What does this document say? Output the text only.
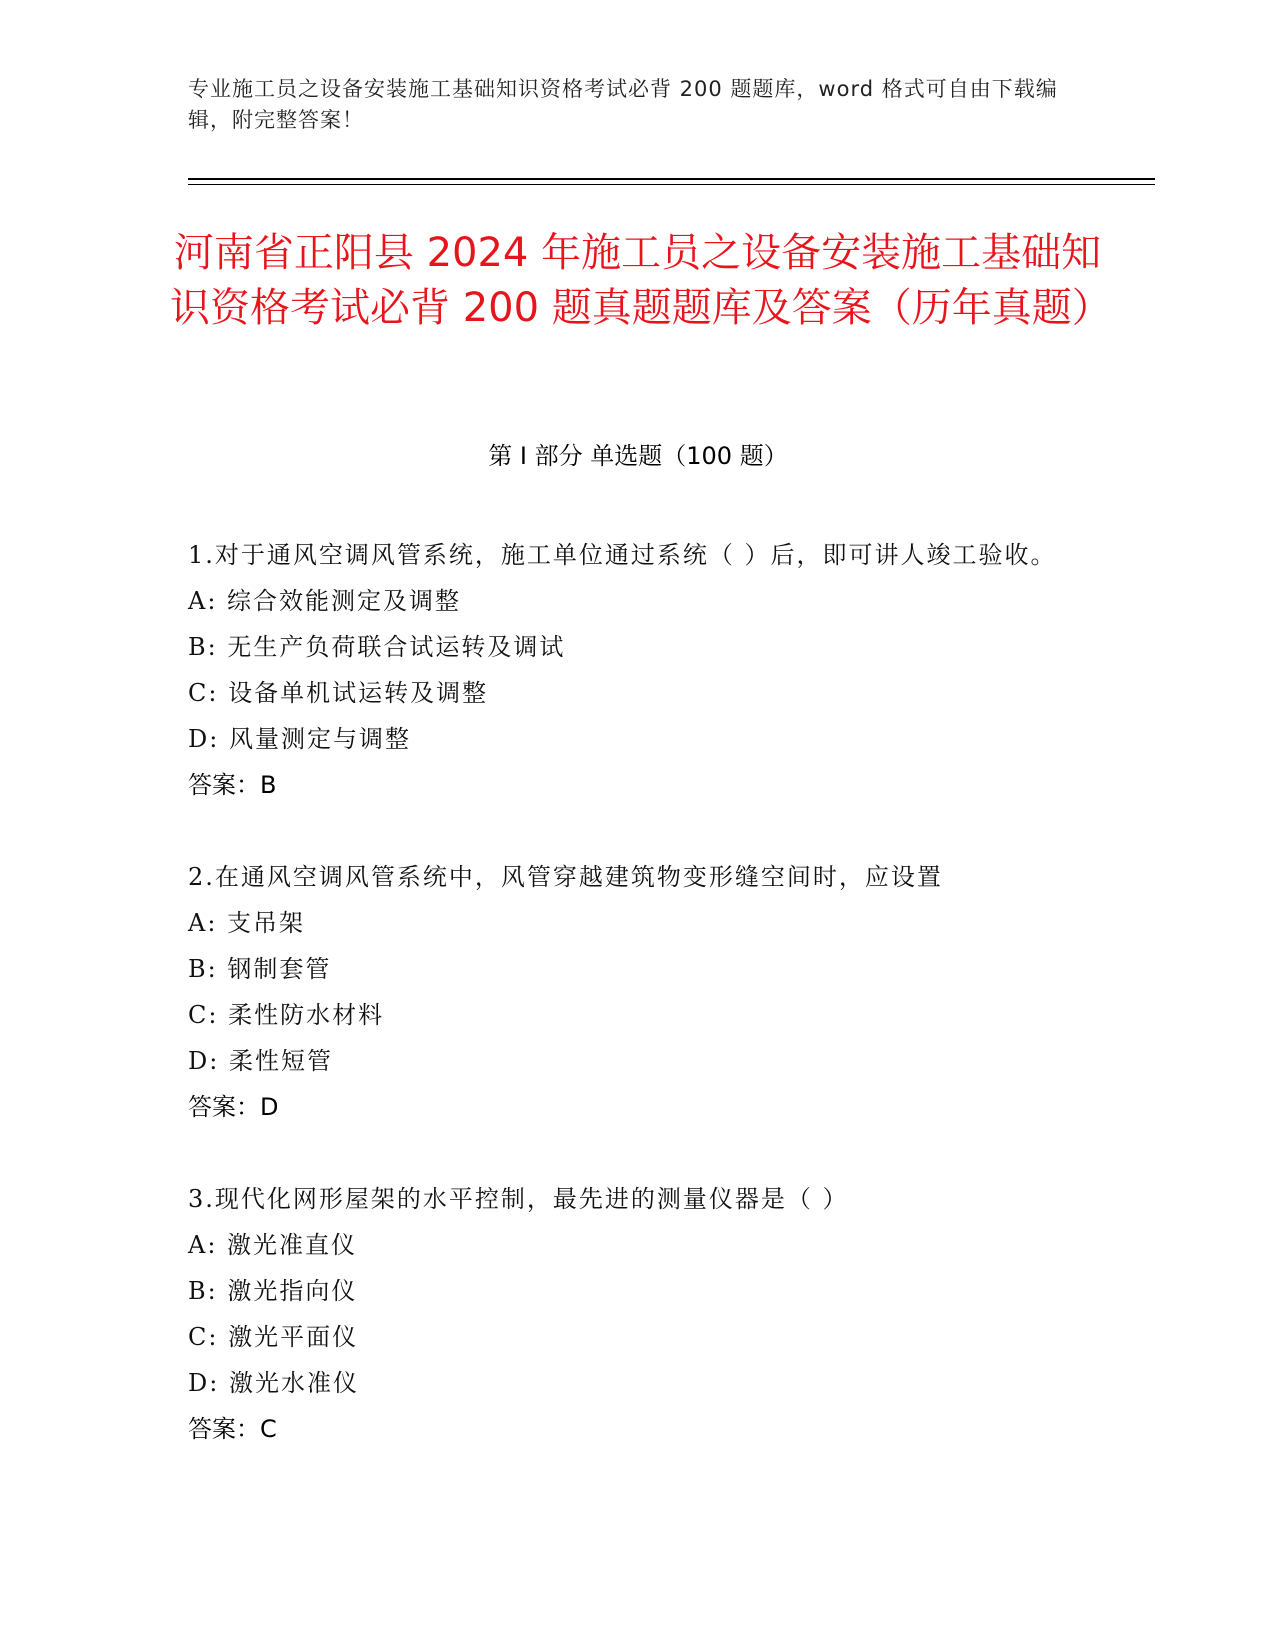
专业施工员之设备安装施工基础知识资格考试必背 200 题题库，word 格式可自由下载编辑，附完整答案！
河南省正阳县 2024 年施工员之设备安装施工基础知识资格考试必背 200 题真题题库及答案（历年真题）
第 I 部分 单选题（100 题）
1.对于通风空调风管系统，施工单位通过系统（ ）后，即可讲人竣工验收。
A: 综合效能测定及调整
B: 无生产负荷联合试运转及调试
C: 设备单机试运转及调整
D: 风量测定与调整
答案：B
2.在通风空调风管系统中，风管穿越建筑物变形缝空间时，应设置
A: 支吊架
B: 钢制套管
C: 柔性防水材料
D: 柔性短管
答案：D
3.现代化网形屋架的水平控制，最先进的测量仪器是（ ）
A: 激光准直仪
B: 激光指向仪
C: 激光平面仪
D: 激光水准仪
答案：C
